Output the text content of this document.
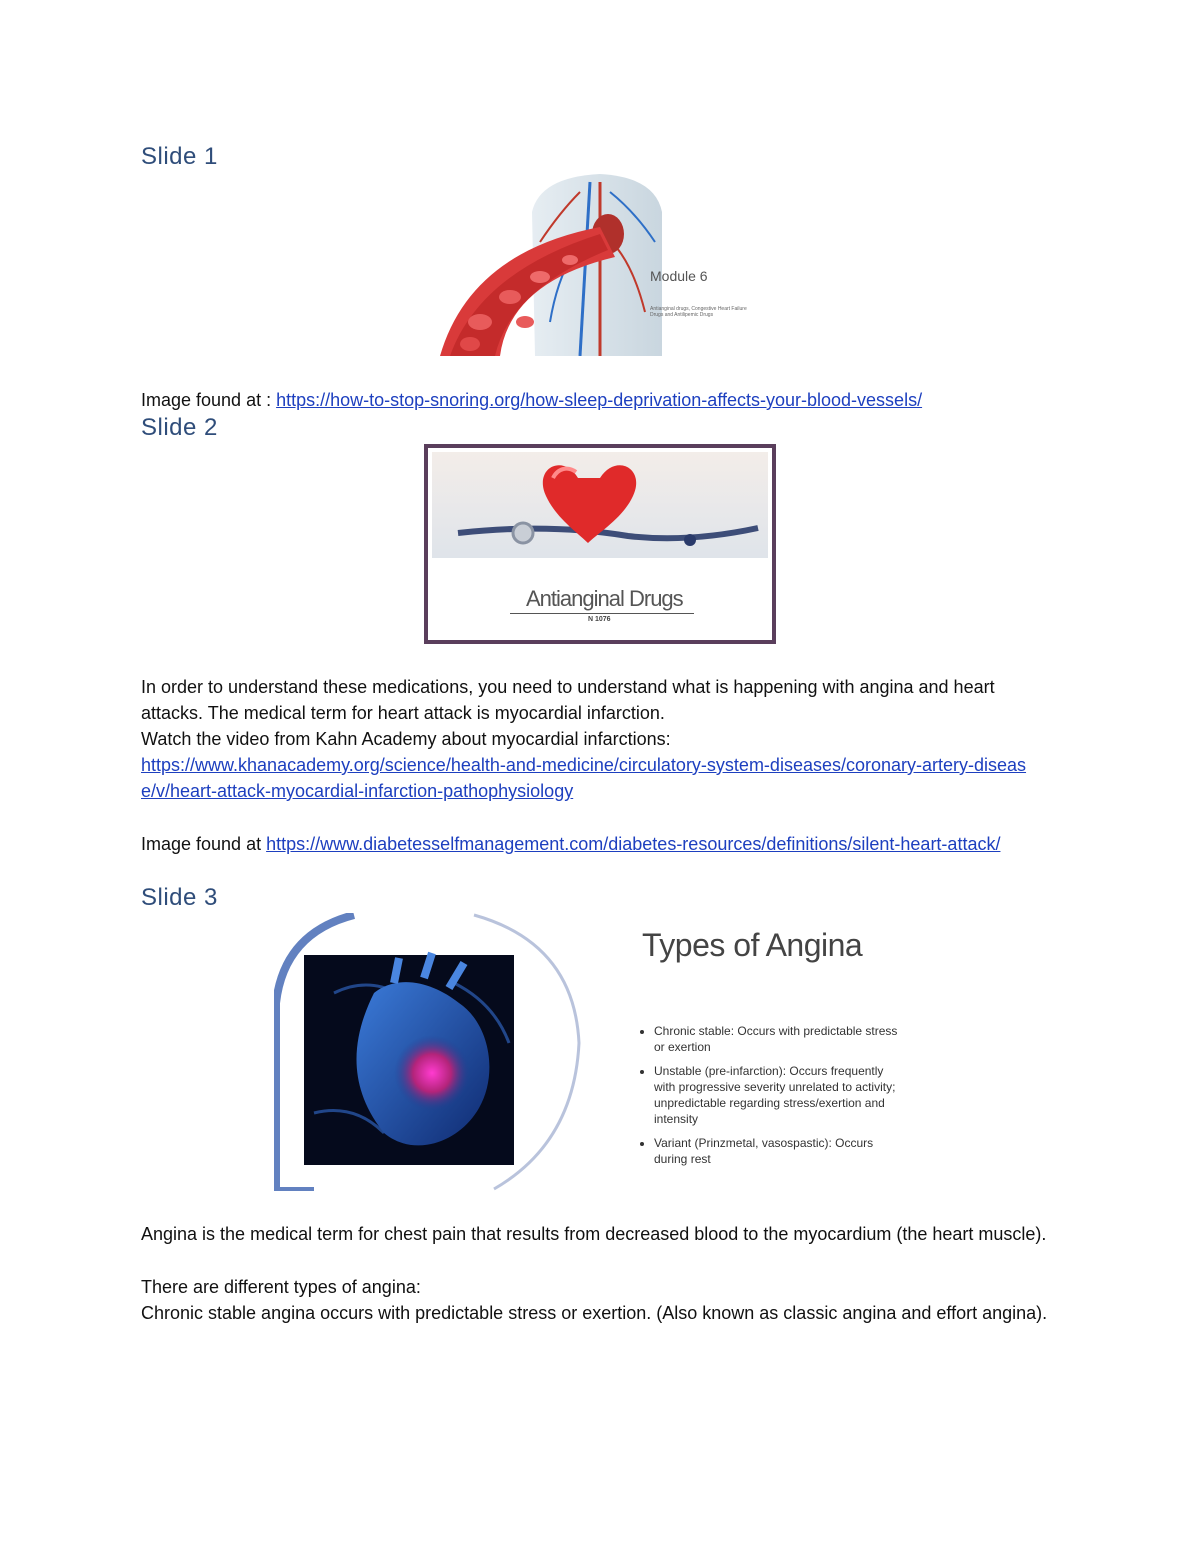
Slide 1
Module 6
Antianginal drugs, Congestive Heart Failure Drugs and Antilipemic Drugs
Image found at : https://how-to-stop-snoring.org/how-sleep-deprivation-affects-your-blood-vessels/
Slide 2
Antianginal Drugs
N 1076
In order to understand these medications, you need to understand what is happening with angina and heart attacks. The medical term for heart attack is myocardial infarction.
Watch the video from Kahn Academy about myocardial infarctions:
https://www.khanacademy.org/science/health-and-medicine/circulatory-system-diseases/coronary-artery-disease/v/heart-attack-myocardial-infarction-pathophysiology
Image found at https://www.diabetesselfmanagement.com/diabetes-resources/definitions/silent-heart-attack/
Slide 3
Types of Angina
• Chronic stable: Occurs with predictable stress or exertion
• Unstable (pre-infarction): Occurs frequently with progressive severity unrelated to activity; unpredictable regarding stress/exertion and intensity
• Variant (Prinzmetal, vasospastic): Occurs during rest
Angina is the medical term for chest pain that results from decreased blood to the myocardium (the heart muscle).
There are different types of angina:
Chronic stable angina occurs with predictable stress or exertion. (Also known as classic angina and effort angina).
